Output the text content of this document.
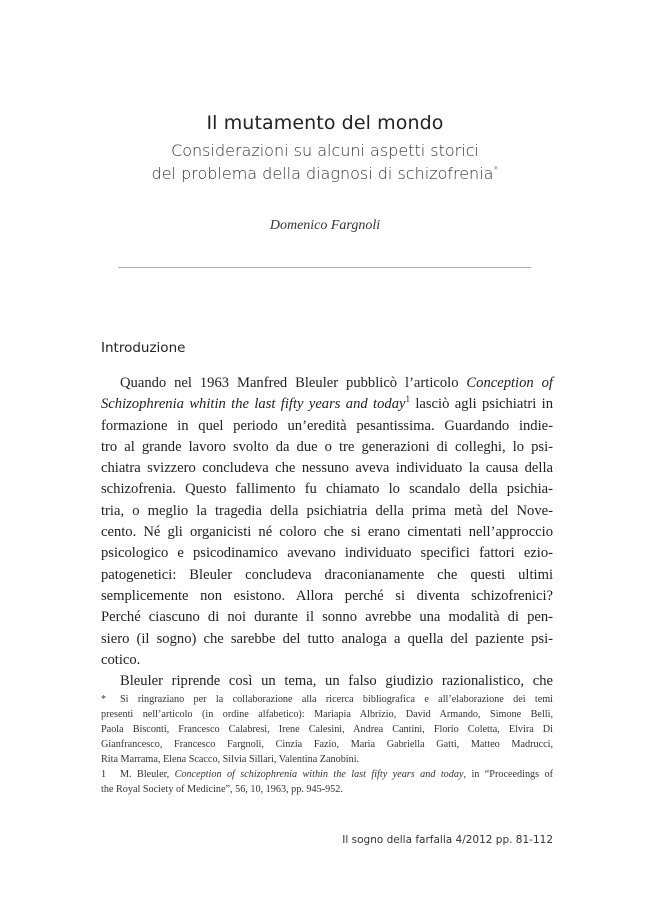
Il mutamento del mondo
Considerazioni su alcuni aspetti storici
del problema della diagnosi di schizofrenia*
Domenico Fargnoli
Introduzione
Quando nel 1963 Manfred Bleuler pubblicò l’articolo Conception of
Schizophrenia whitin the last fifty years and today$^1$ lasciò agli psichiatri in
formazione in quel periodo un’eredità pesantissima. Guardando indie-
tro al grande lavoro svolto da due o tre generazioni di colleghi, lo psi-
chiatra svizzero concludeva che nessuno aveva individuato la causa della
schizofrenia. Questo fallimento fu chiamato lo scandalo della psichia-
tria, o meglio la tragedia della psichiatria della prima metà del Nove-
cento. Né gli organicisti né coloro che si erano cimentati nell’approccio
psicologico e psicodinamico avevano individuato specifici fattori ezio-
patogenetici: Bleuler concludeva draconianamente che questi ultimi
semplicemente non esistono. Allora perché si diventa schizofrenici?
Perché ciascuno di noi durante il sonno avrebbe una modalità di pen-
siero (il sogno) che sarebbe del tutto analoga a quella del paziente psi-
cotico.
Bleuler riprende così un tema, un falso giudizio razionalistico, che
* Si ringraziano per la collaborazione alla ricerca bibliografica e all’elaborazione dei temi
presenti nell’articolo (in ordine alfabetico): Mariapia Albrizio, David Armando, Simone Belli,
Paola Bisconti, Francesco Calabresi, Irene Calesini, Andrea Cantini, Florio Coletta, Elvira Di
Gianfrancesco, Francesco Fargnoli, Cinzia Fazio, Maria Gabriella Gatti, Matteo Madrucci,
Rita Marrama, Elena Scacco, Silvia Sillari, Valentina Zanobini.
1 M. Bleuler, Conception of schizophrenia within the last fifty years and today, in “Proceedings of
the Royal Society of Medicine”, 56, 10, 1963, pp. 945-952.
Il sogno della farfalla 4/2012 pp. 81-112
